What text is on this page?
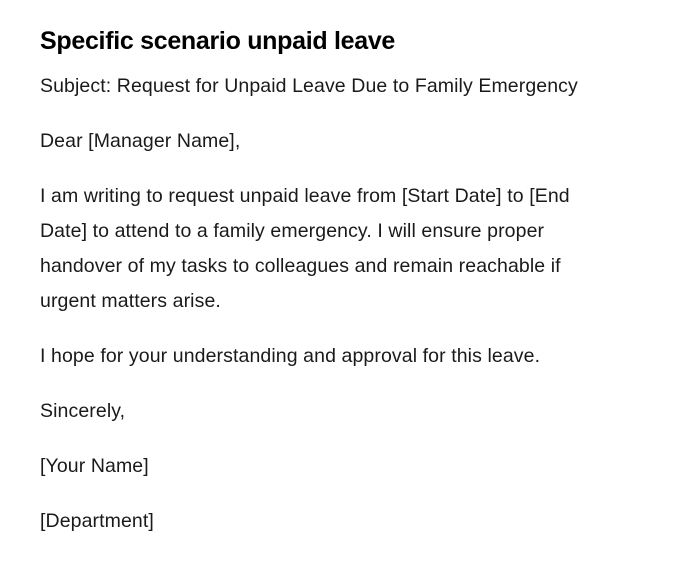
Specific scenario unpaid leave

Subject: Request for Unpaid Leave Due to Family Emergency

Dear [Manager Name],

I am writing to request unpaid leave from [Start Date] to [End

Date] to attend to a family emergency. I will ensure proper

handover of my tasks to colleagues and remain reachable if

urgent matters arise.

I hope for your understanding and approval for this leave.

Sincerely,

[Your Name]

[Department]
